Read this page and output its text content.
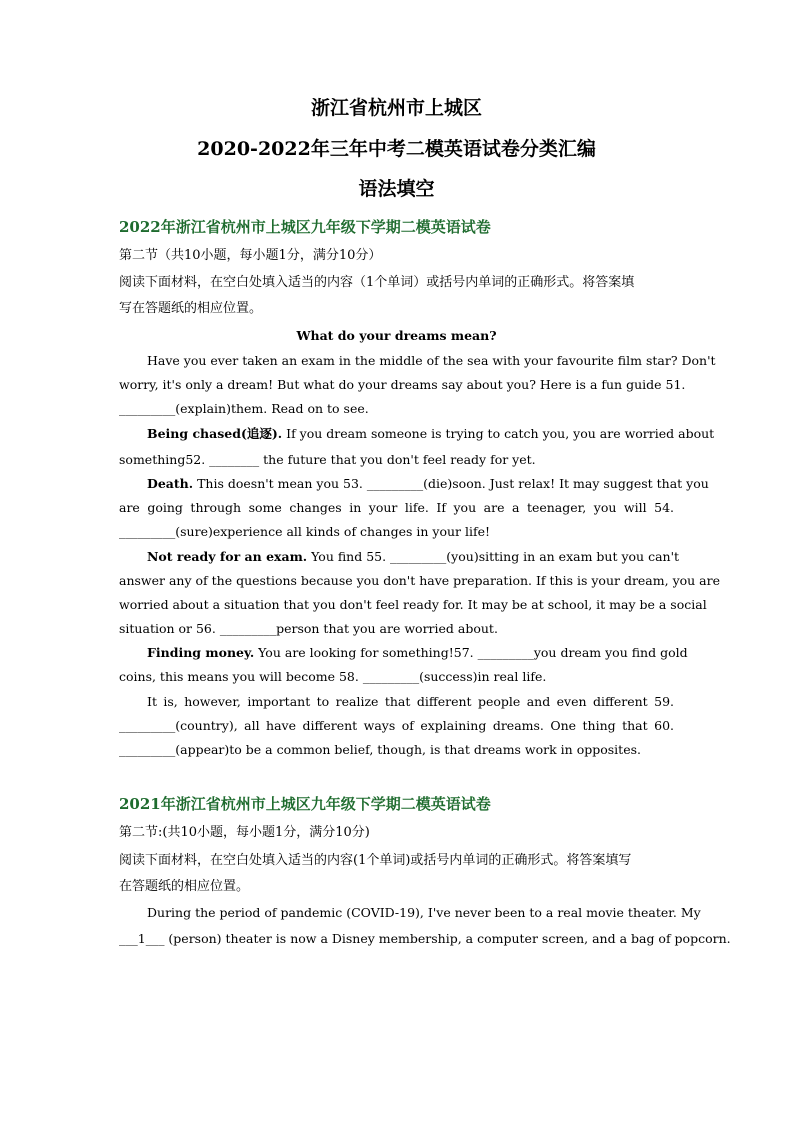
浙江省杭州市上城区
2020-2022年三年中考二模英语试卷分类汇编
语法填空
2022年浙江省杭州市上城区九年级下学期二模英语试卷
第二节（共10小题，每小题1分，满分10分）
阅读下面材料，在空白处填入适当的内容（1个单词）或括号内单词的正确形式。将答案填
写在答题纸的相应位置。
What do your dreams mean?
Have you ever taken an exam in the middle of the sea with your favourite film star? Don't
worry, it's only a dream! But what do your dreams say about you? Here is a fun guide 51.
_________(explain)them. Read on to see.
Being chased(追逐). If you dream someone is trying to catch you, you are worried about
something52. ________ the future that you don't feel ready for yet.
Death. This doesn't mean you 53. _________(die)soon. Just relax! It may suggest that you
are going through some changes in your life. If you are a teenager, you will 54.
_________(sure)experience all kinds of changes in your life!
Not ready for an exam. You find 55. _________(you)sitting in an exam but you can't
answer any of the questions because you don't have preparation. If this is your dream, you are
worried about a situation that you don't feel ready for. It may be at school, it may be a social
situation or 56. _________person that you are worried about.
Finding money. You are looking for something!57. _________you dream you find gold
coins, this means you will become 58. _________(success)in real life.
It is, however, important to realize that different people and even different 59.
_________(country), all have different ways of explaining dreams. One thing that 60.
_________(appear)to be a common belief, though, is that dreams work in opposites.
2021年浙江省杭州市上城区九年级下学期二模英语试卷
第二节:(共10小题，每小题1分，满分10分)
阅读下面材料，在空白处填入适当的内容(1个单词)或括号内单词的正确形式。将答案填写
在答题纸的相应位置。
During the period of pandemic (COVID-19), I've never been to a real movie theater. My
___1___ (person) theater is now a Disney membership, a computer screen, and a bag of popcorn.
